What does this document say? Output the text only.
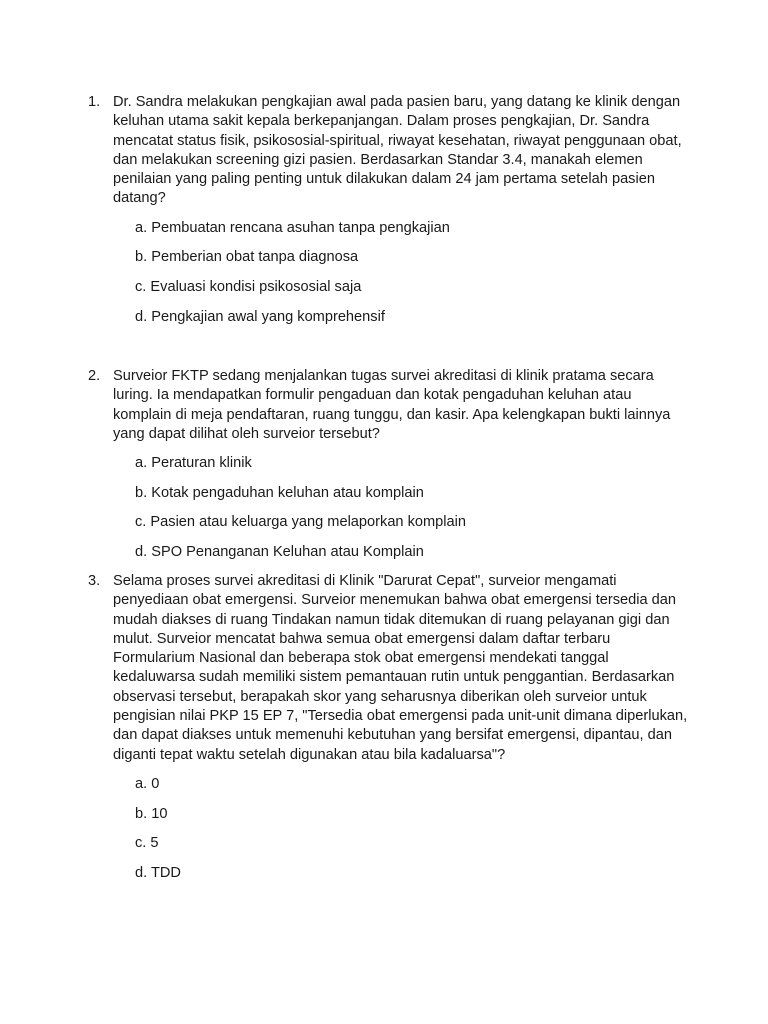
1. Dr. Sandra melakukan pengkajian awal pada pasien baru, yang datang ke klinik dengan keluhan utama sakit kepala berkepanjangan. Dalam proses pengkajian, Dr. Sandra mencatat status fisik, psikososial-spiritual, riwayat kesehatan, riwayat penggunaan obat, dan melakukan screening gizi pasien. Berdasarkan Standar 3.4, manakah elemen penilaian yang paling penting untuk dilakukan dalam 24 jam pertama setelah pasien datang?
a. Pembuatan rencana asuhan tanpa pengkajian
b. Pemberian obat tanpa diagnosa
c. Evaluasi kondisi psikososial saja
d. Pengkajian awal yang komprehensif
2. Surveior FKTP sedang menjalankan tugas survei akreditasi di klinik pratama secara luring. Ia mendapatkan formulir pengaduan dan kotak pengaduhan keluhan atau komplain di meja pendaftaran, ruang tunggu, dan kasir. Apa kelengkapan bukti lainnya yang dapat dilihat oleh surveior tersebut?
a. Peraturan klinik
b. Kotak pengaduhan keluhan atau komplain
c. Pasien atau keluarga yang melaporkan komplain
d. SPO Penanganan Keluhan atau Komplain
3. Selama proses survei akreditasi di Klinik "Darurat Cepat", surveior mengamati penyediaan obat emergensi. Surveior menemukan bahwa obat emergensi tersedia dan mudah diakses di ruang Tindakan namun tidak ditemukan di ruang pelayanan gigi dan mulut. Surveior mencatat bahwa semua obat emergensi dalam daftar terbaru Formularium Nasional dan beberapa stok obat emergensi mendekati tanggal kedaluwarsa sudah memiliki sistem pemantauan rutin untuk penggantian. Berdasarkan observasi tersebut, berapakah skor yang seharusnya diberikan oleh surveior untuk pengisian nilai PKP 15 EP 7, "Tersedia obat emergensi pada unit-unit dimana diperlukan, dan dapat diakses untuk memenuhi kebutuhan yang bersifat emergensi, dipantau, dan diganti tepat waktu setelah digunakan atau bila kadaluarsa"?
a. 0
b. 10
c. 5
d. TDD
